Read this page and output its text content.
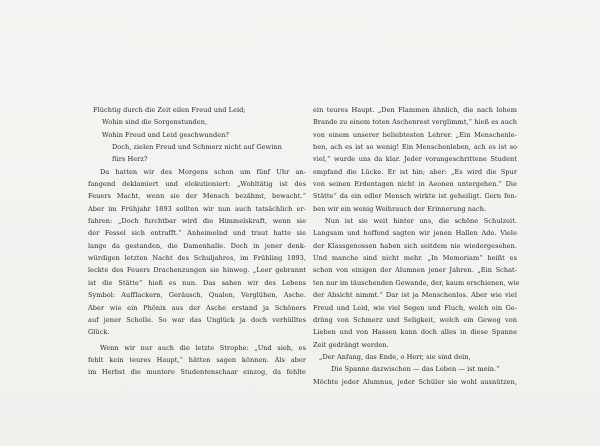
Flüchtig durch die Zeit eilen Freud und Leid;
Wohin sind die Sorgenstunden,
Wohin Freud und Leid geschwunden?
Doch, zielen Freud und Schmerz nicht auf Gewinn
fürs Herz?
Da hatten wir des Morgens schon um fünf Uhr an-
fangend deklamiert und elokutioniert: „Wohltätig ist des
Feuers Macht, wenn sie der Mensch bezähmt, bewacht.“
Aber im Frühjahr 1893 sollten wir nun auch tatsächlich er-
fahren: „Doch furchtbar wird die Himmelskraft, wenn sie
der Fessel sich entrafft.“ Anheimelnd und traut hatte sie
lange da gestanden, die Damenhalle. Doch in jener denk-
würdigen letzten Nacht des Schuljahres, im Frühling 1893,
leckte des Feuers Drachenzungen sie hinweg. „Leer gebrannt
ist die Stätte“ hieß es nun. Das sahen wir des Lebens
Symbol: Aufflackern, Geräusch, Qualen, Verglühen, Asche.
Aber wie ein Phönix aus der Asche erstand ja Schöners
auf jener Scholle. So war das Unglück ja doch verhülltes
Glück.
Wenn wir nur auch die letzte Strophe: „Und sieh, es
fehlt kein teures Haupt,“ hätten sagen können. Als aber
im Herbst die muntere Studentenschaar einzog, da fehlte
ein teures Haupt. „Den Flammen ähnlich, die nach lohem
Brande zu einem toten Aschenrest verglimmt,“ hieß es auch
von einem unserer beliebtesten Lehrer. „Ein Menschenle-
ben, ach es ist so wenig! Ein Menschenleben, ach es ist so
viel,“ wurde uns da klar. Jeder vorangeschrittene Student
empfand die Lücke. Er ist hin; aber: „Es wird die Spur
von seinen Erdentagen nicht in Aeonen untergehen.“ Die
Stätte“ da ein edler Mensch wirkte ist geheiligt. Gern fen-
ben wir ein wenig Weihrauch der Erinnerung nach.
Nun ist sie weit hinter uns, die schöne Schulzeit.
Langsam und hoffend sagten wir jenen Hallen Ade. Viele
der Klassgenossen haben sich seitdem nie wiedergesehen.
Und manche sind nicht mehr. „In Memoriam“ heißt es
schon von einigen der Alumnen jener Jahren. „Ein Schat-
ten nur im täuschenden Gewande, der, kaum erschienen, wie
der Absicht nimmt.“ Dar ist ja Menschenlos. Aber wie viel
Freud und Leid, wie viel Segen und Fluch, welch ein Ge-
dräng von Schmerz und Seligkeit, welch ein Gewog von
Lieben und von Hassen kann doch alles in diese Spanne
Zeit gedrängt werden.
„Der Anfang, das Ende, o Herr, sie sind dein,
Die Spanne dazwischen — das Leben — ist mein.“
Möchte jeder Alumnus, jeder Schüler sie wohl ausnützen,
